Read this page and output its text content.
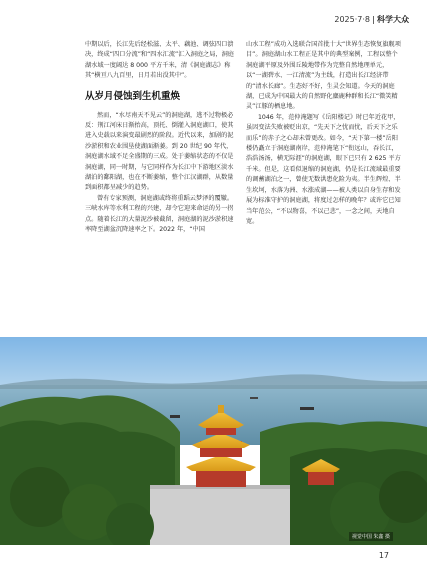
2025·7·8 科学大众

中期以后，长江先后经松滋、太平、藕池、调弦四口溃决，终成“四口分流”和“四水汇流”汇入洞庭之局，洞庭湖水域一度阔达 8 000 平方千米，清《洞庭湖志》称其“横亘八九百里，日月若出没其中”。

从岁月侵蚀到生机重焕

然而，“水尽南天不见云”的洞庭湖，逃不过物极必反：荆江河床日渐抬高，顶托、倒灌入洞庭湖口，使其进入史载以来演变最剧烈的阶段。近代以来，加剧的泥沙淤积和农业围垦使湖面渐萎。到 20 世纪 90 年代，洞庭湖水域不足全盛期的三成。处于萎缩状态的不仅是洞庭湖，同一时期，与它同样作为长江中下游地区淡水湖泊的鄱阳湖，也在不断萎缩，整个江汉湖群，从数量到面积都呈减少的趋势。

曾有专家预测，洞庭湖或终将重蹈云梦泽的覆辙。三峡水库等水利工程的兴建，却令它迎来命运的另一拐点。随着长江的大量泥沙被截留，洞庭湖的泥沙淤积速率降至湖盆沉降速率之下。2022 年，“中国

山水工程”成功入选联合国首批十大“世界生态恢复旗舰项目”。洞庭湖山水工程正是其中的典型案例，工程以整个洞庭湖平原及外围丘陵地带作为完整自然地理单元，以“一湖碧水、一江清流”为主线，打造出长江经济带的“清水长廊”。生态好不好，生灵会知道。今天的洞庭湖，已成为中国最大的自然野化麋鹿种群和长江“微笑精灵”江豚的栖息地。

1046 年，范仲淹题写《岳阳楼记》时已年近花甲，虽因变法失败被贬出京，“先天下之忧而忧，后天下之乐而乐”的赤子之心却未曾更改。如今，“天下第一楼”岳阳楼仍矗立于洞庭湖南岸，范仲淹笔下“衔远山，吞长江，浩浩汤汤，横无际涯”的洞庭湖，眼下已只有 2 625 平方千米。但是，这看似退缩的洞庭湖，仍是长江流域最重要的调蓄湖泊之一，曾使无数洪患化险为夷。半生辉煌、半生坎坷，水落为洲、水涨成湖——被人类以自身生存和发展为标准守护的洞庭湖，将度过怎样的晚年？或许它已知当年范公，“不以物喜，不以己悲”，一念之间，天地自宽。

视觉中国 朱鑫 摄
17
